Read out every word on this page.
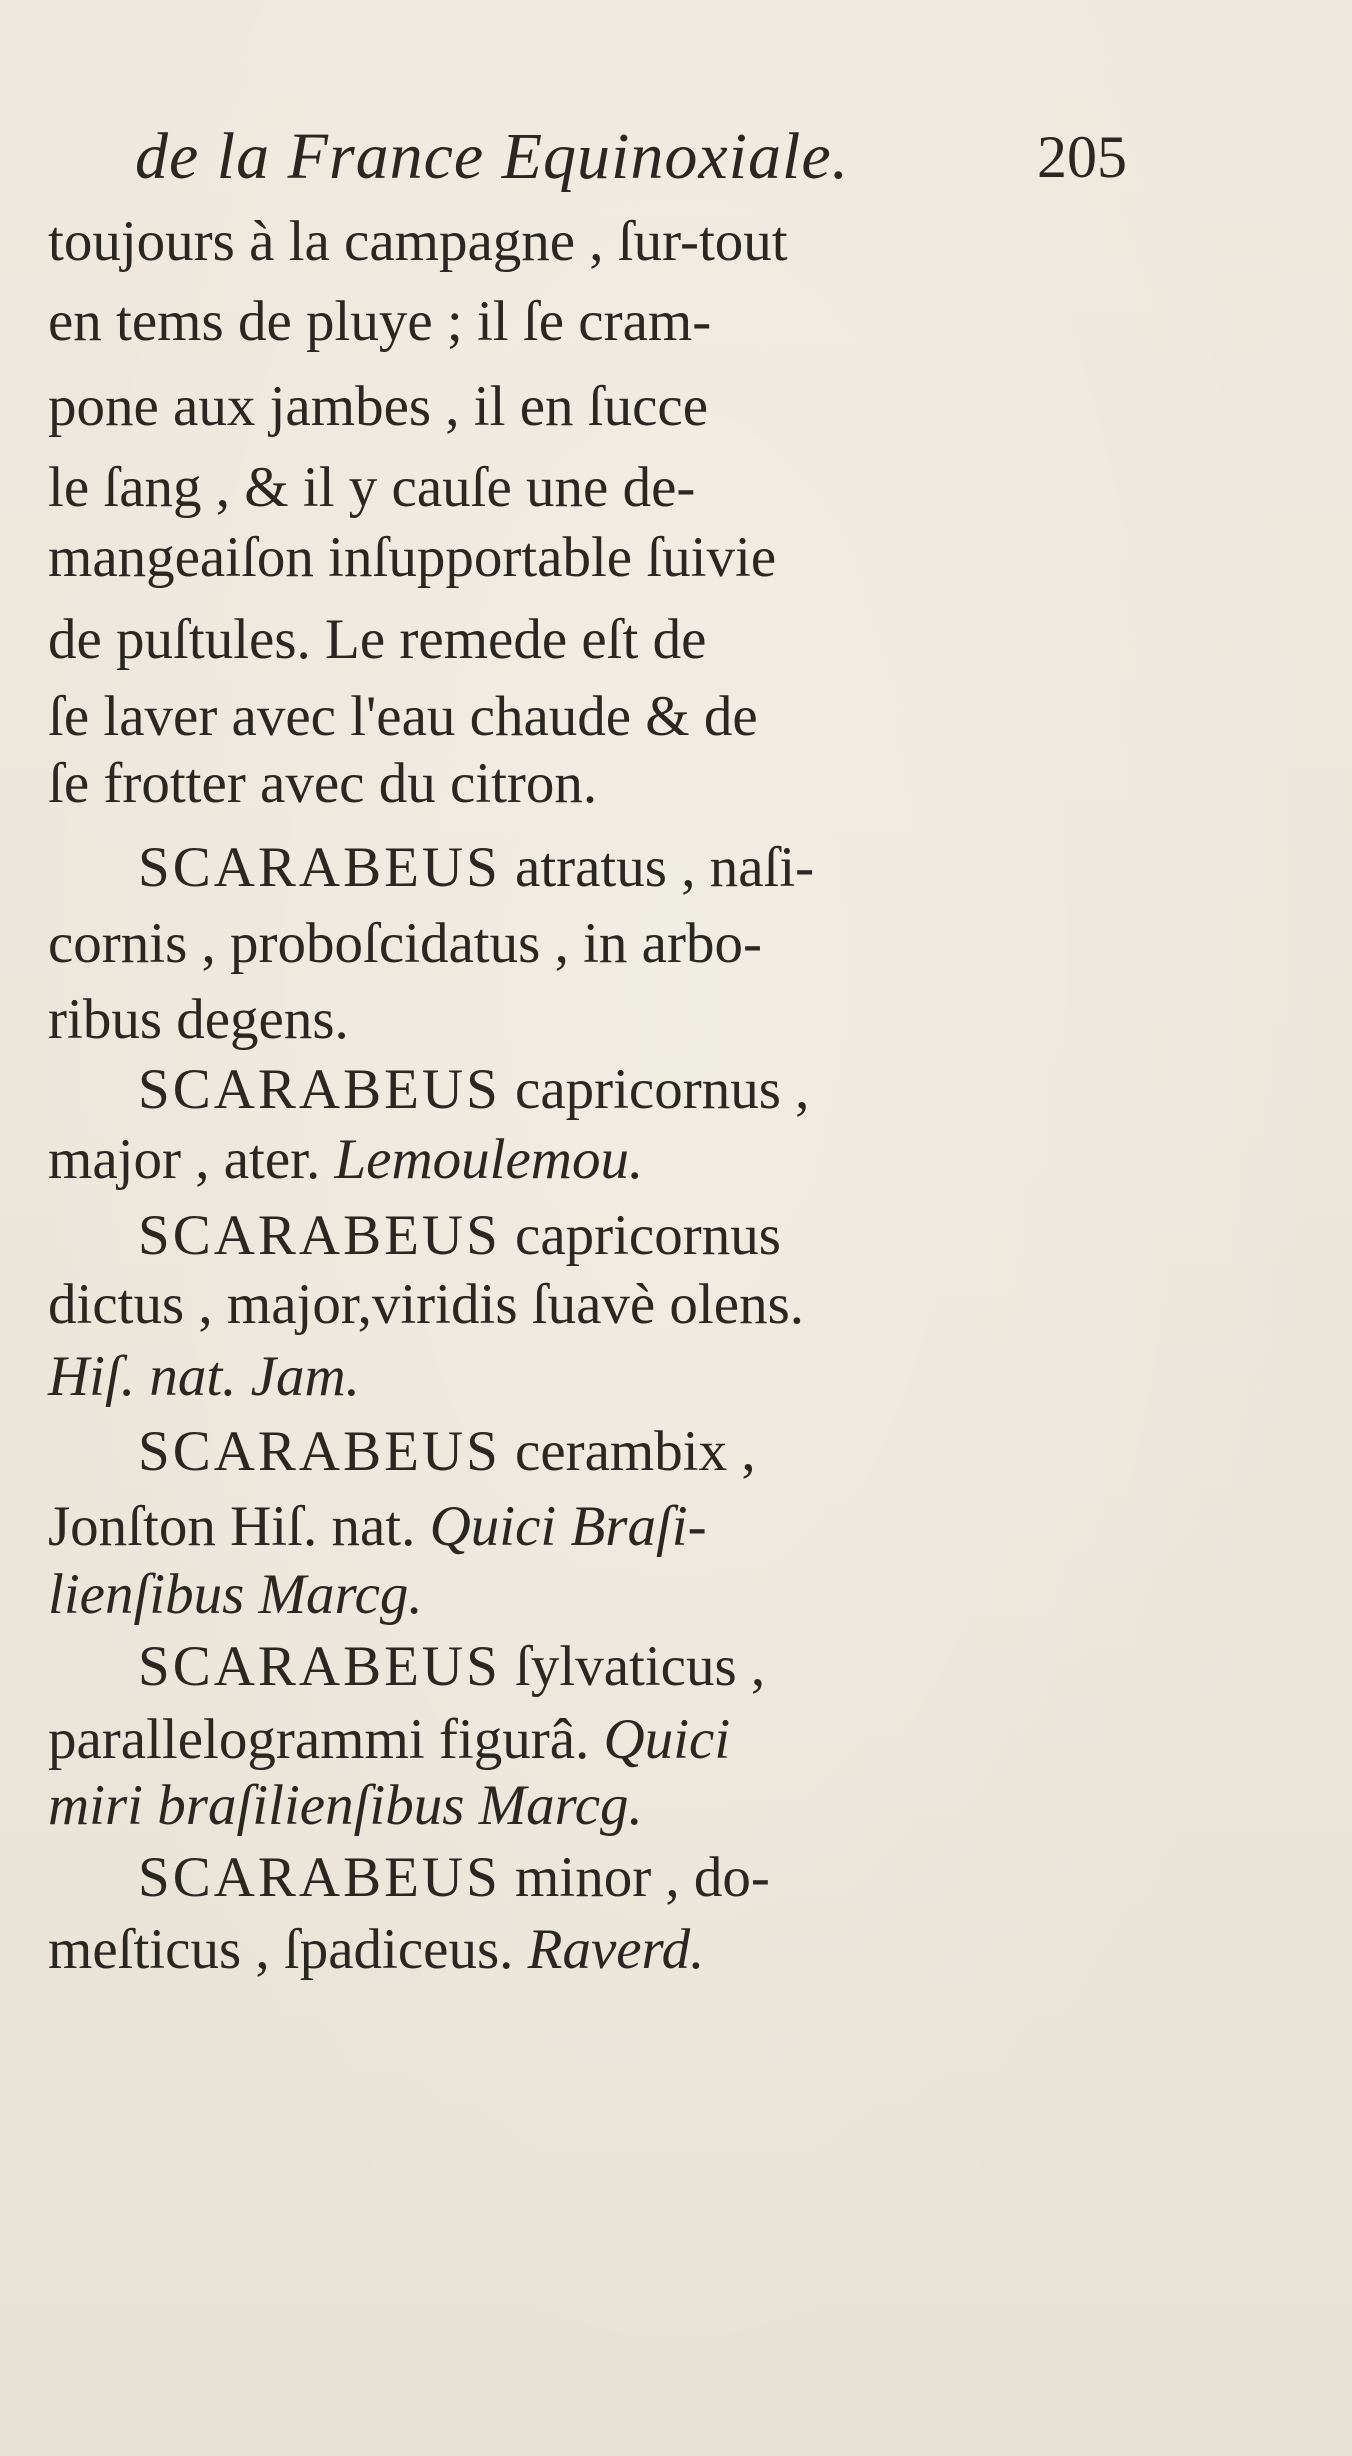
de la France Equinoxiale.	205
toujours à la campagne , ſur-tout
en tems de pluye ; il ſe cram-
pone aux jambes , il en ſucce
le ſang , & il y cauſe une de-
mangeaiſon inſupportable ſuivie
de puſtules. Le remede eſt de
ſe laver avec l'eau chaude & de
ſe frotter avec du citron.
SCARABEUS atratus , naſi-
cornis , proboſcidatus , in arbo-
ribus degens.
SCARABEUS capricornus ,
major , ater. Lemoulemou.
SCARABEUS capricornus
dictus , major,viridis ſuavè olens.
Hiſ. nat. Jam.
SCARABEUS cerambix ,
Jonſton Hiſ. nat. Quici Braſi-
lienſibus Marcg.
SCARABEUS ſylvaticus ,
parallelogrammi figurâ. Quici
miri braſilienſibus Marcg.
SCARABEUS minor , do-
meſticus , ſpadiceus. Raverd.
